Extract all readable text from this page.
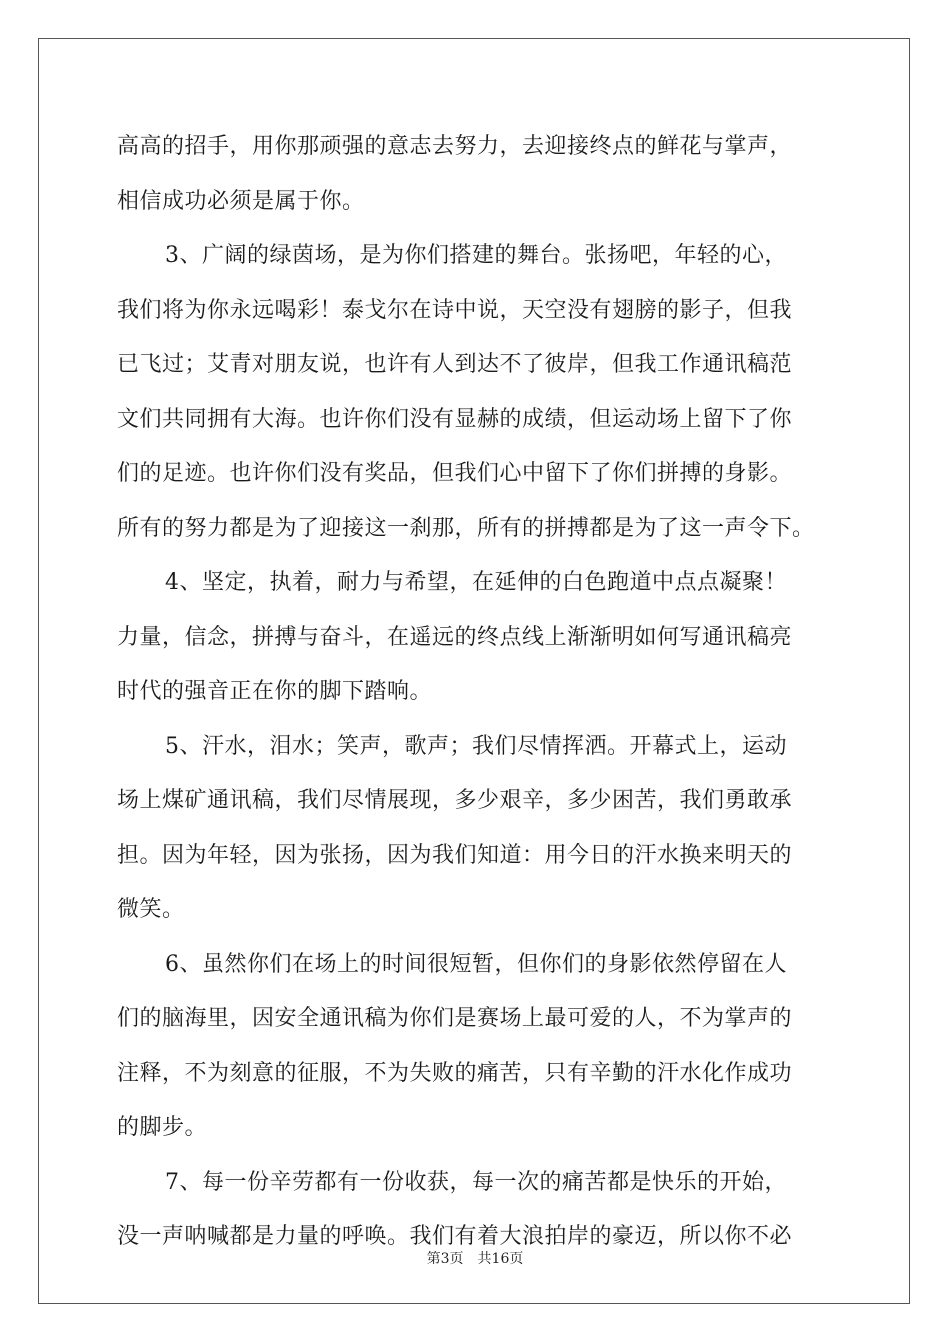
高高的招手，用你那顽强的意志去努力，去迎接终点的鲜花与掌声，
相信成功必须是属于你。
3、广阔的绿茵场，是为你们搭建的舞台。张扬吧，年轻的心，
我们将为你永远喝彩！泰戈尔在诗中说，天空没有翅膀的影子，但我
已飞过；艾青对朋友说，也许有人到达不了彼岸，但我工作通讯稿范
文们共同拥有大海。也许你们没有显赫的成绩，但运动场上留下了你
们的足迹。也许你们没有奖品，但我们心中留下了你们拼搏的身影。
所有的努力都是为了迎接这一刹那，所有的拼搏都是为了这一声令下。
4、坚定，执着，耐力与希望，在延伸的白色跑道中点点凝聚！
力量，信念，拼搏与奋斗，在遥远的终点线上渐渐明如何写通讯稿亮
时代的强音正在你的脚下踏响。
5、汗水，泪水；笑声，歌声；我们尽情挥洒。开幕式上，运动
场上煤矿通讯稿，我们尽情展现，多少艰辛，多少困苦，我们勇敢承
担。因为年轻，因为张扬，因为我们知道：用今日的汗水换来明天的
微笑。
6、虽然你们在场上的时间很短暂，但你们的身影依然停留在人
们的脑海里，因安全通讯稿为你们是赛场上最可爱的人，不为掌声的
注释，不为刻意的征服，不为失败的痛苦，只有辛勤的汗水化作成功
的脚步。
7、每一份辛劳都有一份收获，每一次的痛苦都是快乐的开始，
没一声呐喊都是力量的呼唤。我们有着大浪拍岸的豪迈，所以你不必
第3页 共16页
